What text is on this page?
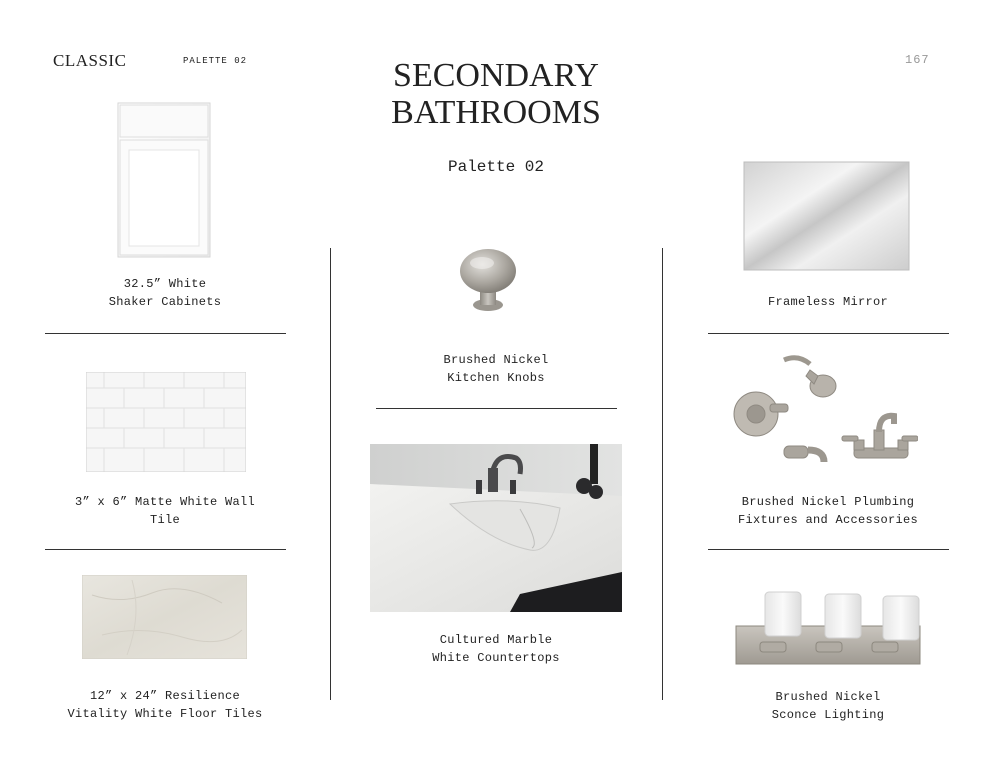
CLASSIC	PALETTE 02	SECONDARY
BATHROOMS
Palette 02
167
32.5” White
Shaker Cabinets
3” x 6” Matte White Wall
Tile
12” x 24” Resilience
Vitality White Floor Tiles
Brushed Nickel
Kitchen Knobs
Cultured Marble
White Countertops
Frameless Mirror
Brushed Nickel Plumbing
Fixtures and Accessories
Brushed Nickel
Sconce Lighting
